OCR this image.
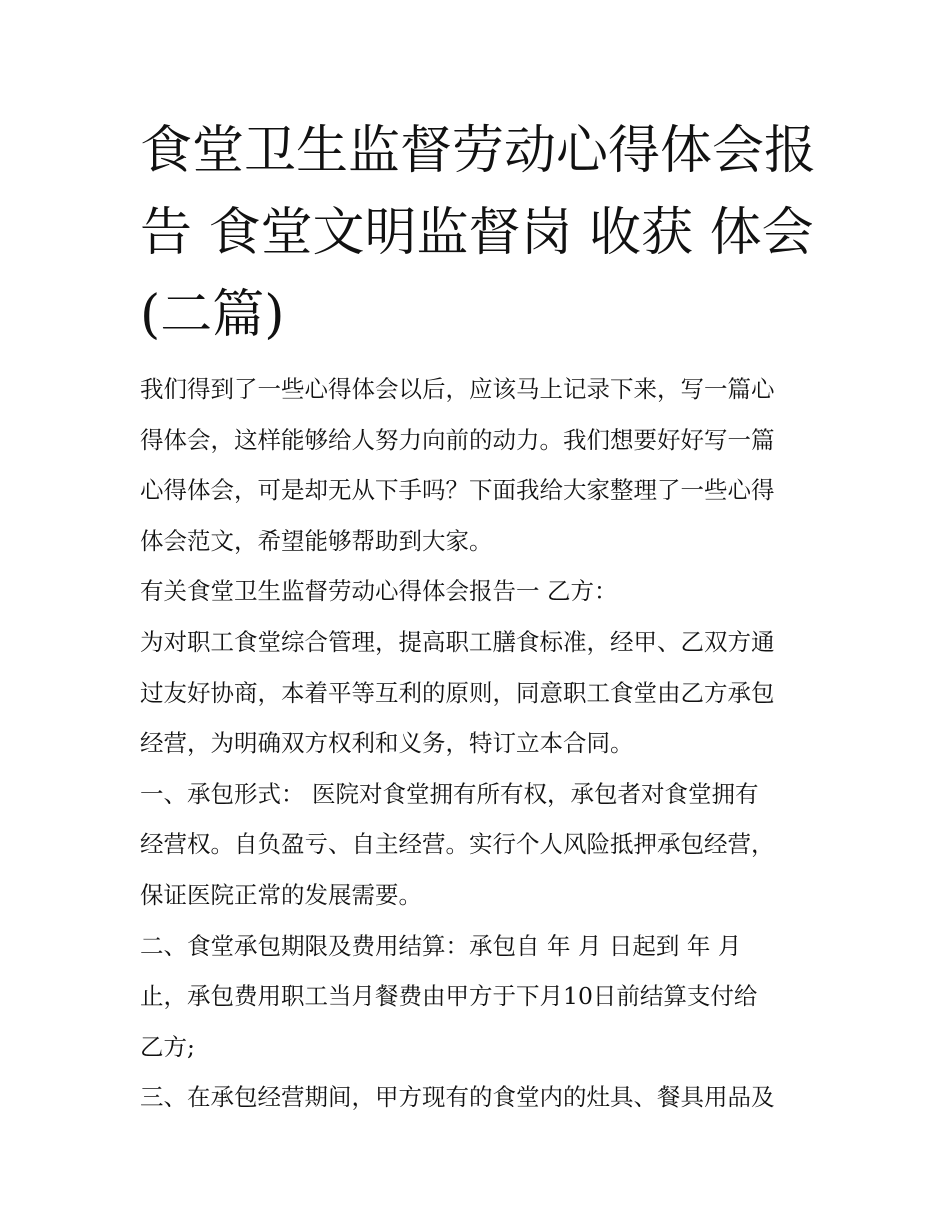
食堂卫生监督劳动心得体会报
告 食堂文明监督岗 收获 体会
(二篇)
我们得到了一些心得体会以后，应该马上记录下来，写一篇心
得体会，这样能够给人努力向前的动力。我们想要好好写一篇
心得体会，可是却无从下手吗？下面我给大家整理了一些心得
体会范文，希望能够帮助到大家。
有关食堂卫生监督劳动心得体会报告一 乙方：
为对职工食堂综合管理，提高职工膳食标准，经甲、乙双方通
过友好协商，本着平等互利的原则，同意职工食堂由乙方承包
经营，为明确双方权利和义务，特订立本合同。
一、承包形式： 医院对食堂拥有所有权，承包者对食堂拥有
经营权。自负盈亏、自主经营。实行个人风险抵押承包经营，
保证医院正常的发展需要。
二、食堂承包期限及费用结算：承包自 年 月 日起到 年 月
止，承包费用职工当月餐费由甲方于下月10日前结算支付给
乙方;
三、在承包经营期间，甲方现有的食堂内的灶具、餐具用品及
